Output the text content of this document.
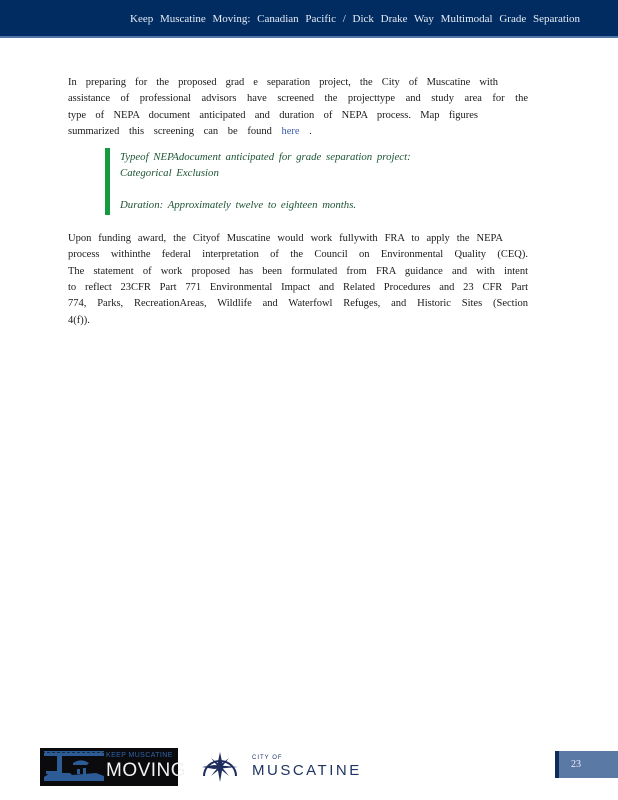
Keep Muscatine Moving: Canadian Pacific / Dick Drake Way Multimodal Grade Separation
In preparing for the proposed grad e separation project, the City of Muscatine with
assistance of professional advisors have screened the projecttype and study area for the
type of NEPA document anticipated and duration of NEPA process. Map figures
summarized this screening can be found here .
Typeof NEPAdocument anticipated for grade separation project:
Categorical Exclusion
Duration: Approximately twelve to eighteen months.
Upon funding award, the Cityof Muscatine would work fullywith FRA to apply the NEPA
process withinthe federal interpretation of the Council on Environmental Quality (CEQ).
The statement of work proposed has been formulated from FRA guidance and with intent
to reflect 23CFR Part 771 Environmental Impact and Related Procedures and 23 CFR Part
774, Parks, RecreationAreas, Wildlife and Waterfowl Refuges, and Historic Sites (Section
4(f)).
KEEP MUSCATINE
MOVING
CITY OF
MUSCATINE	23
